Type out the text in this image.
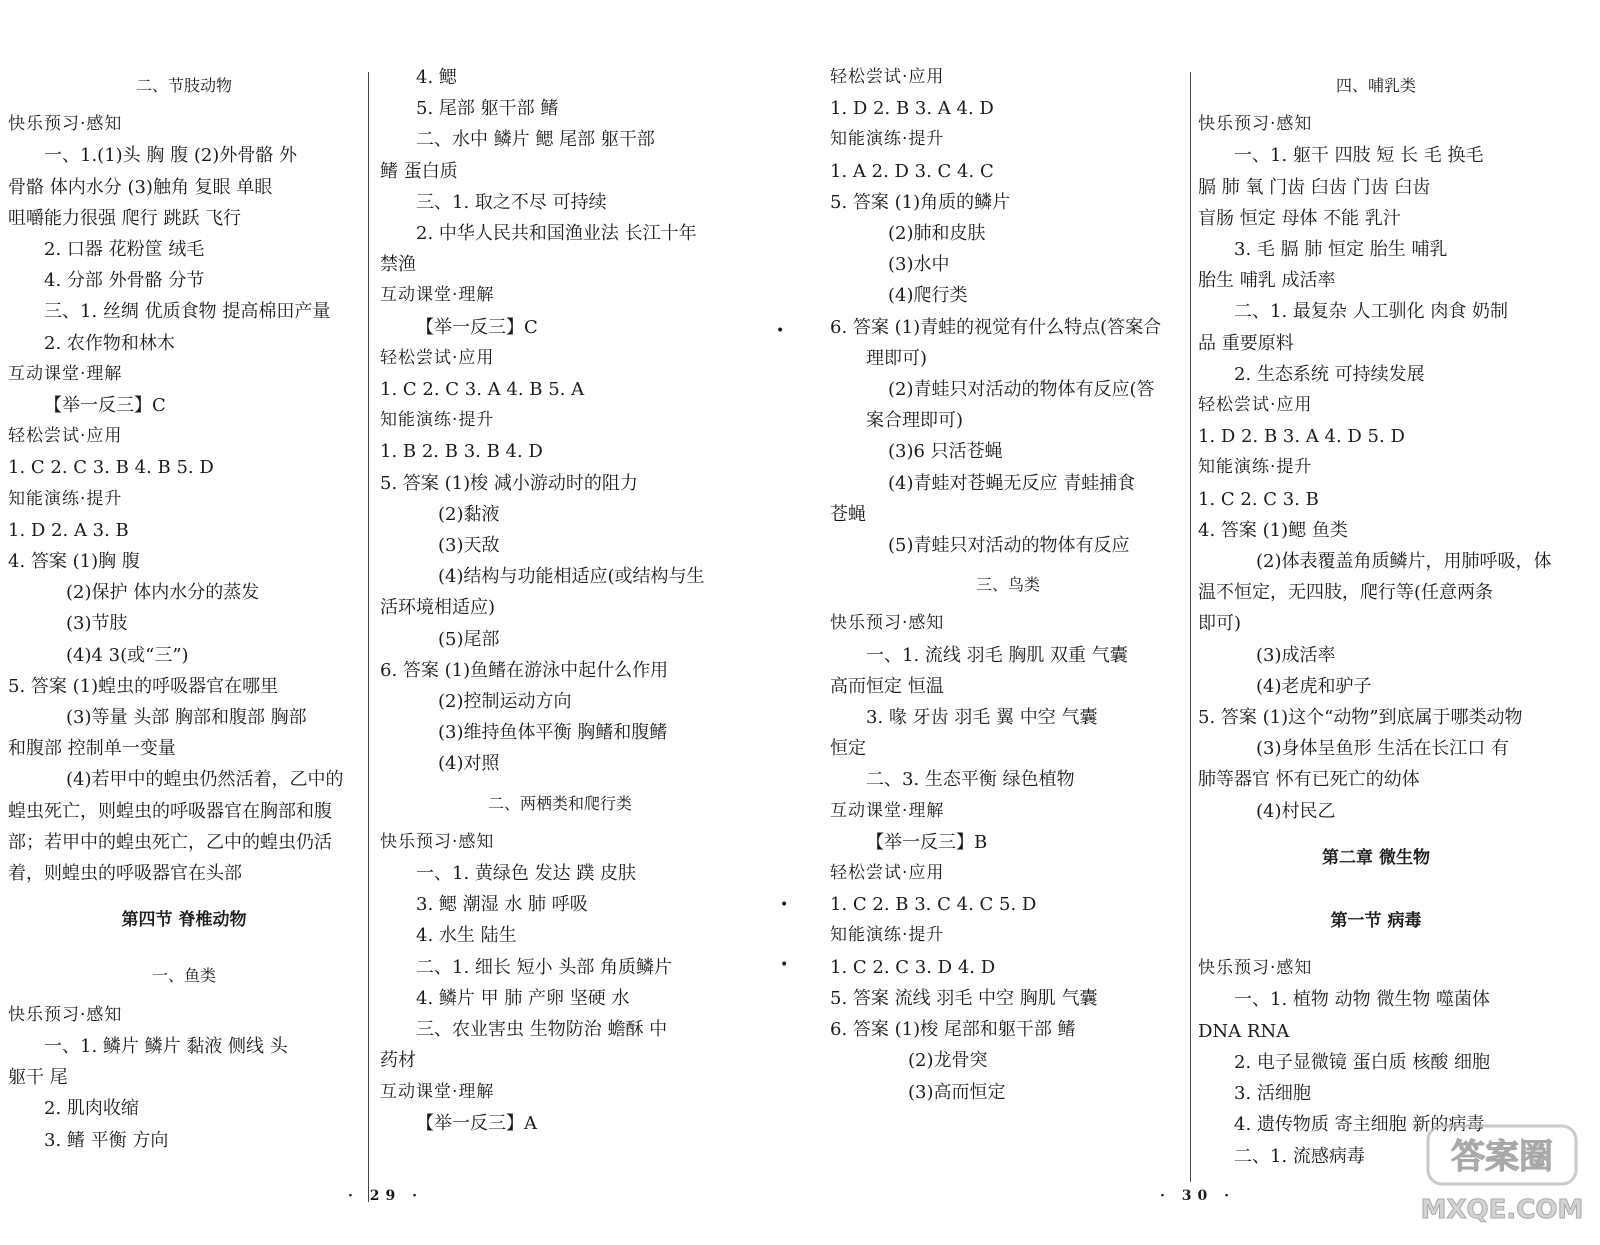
二、节肢动物
快乐预习·感知
一、1.(1)头 胸 腹 (2)外骨骼 外
骨骼 体内水分 (3)触角 复眼 单眼
咀嚼能力很强 爬行 跳跃 飞行
2. 口器 花粉筐 绒毛
4. 分部 外骨骼 分节
三、1. 丝绸 优质食物 提高棉田产量
2. 农作物和林木
互动课堂·理解
【举一反三】C
轻松尝试·应用
1. C 2. C 3. B 4. B 5. D
知能演练·提升
1. D 2. A 3. B
4. 答案 (1)胸 腹
(2)保护 体内水分的蒸发
(3)节肢
(4)4 3(或“三”)
5. 答案 (1)蝗虫的呼吸器官在哪里
(3)等量 头部 胸部和腹部 胸部
和腹部 控制单一变量
(4)若甲中的蝗虫仍然活着，乙中的
蝗虫死亡，则蝗虫的呼吸器官在胸部和腹
部；若甲中的蝗虫死亡，乙中的蝗虫仍活
着，则蝗虫的呼吸器官在头部
第四节 脊椎动物
一、鱼类
快乐预习·感知
一、1. 鳞片 鳞片 黏液 侧线 头
躯干 尾
2. 肌肉收缩
3. 鳍 平衡 方向
4. 鳃
5. 尾部 躯干部 鳍
二、水中 鳞片 鳃 尾部 躯干部
鳍 蛋白质
三、1. 取之不尽 可持续
2. 中华人民共和国渔业法 长江十年
禁渔
互动课堂·理解
【举一反三】C
轻松尝试·应用
1. C 2. C 3. A 4. B 5. A
知能演练·提升
1. B 2. B 3. B 4. D
5. 答案 (1)梭 减小游动时的阻力
(2)黏液
(3)天敌
(4)结构与功能相适应(或结构与生
活环境相适应)
(5)尾部
6. 答案 (1)鱼鳍在游泳中起什么作用
(2)控制运动方向
(3)维持鱼体平衡 胸鳍和腹鳍
(4)对照
二、两栖类和爬行类
快乐预习·感知
一、1. 黄绿色 发达 蹼 皮肤
3. 鳃 潮湿 水 肺 呼吸
4. 水生 陆生
二、1. 细长 短小 头部 角质鳞片
4. 鳞片 甲 肺 产卵 坚硬 水
三、农业害虫 生物防治 蟾酥 中
药材
互动课堂·理解
【举一反三】A
轻松尝试·应用
1. D 2. B 3. A 4. D
知能演练·提升
1. A 2. D 3. C 4. C
5. 答案 (1)角质的鳞片
(2)肺和皮肤
(3)水中
(4)爬行类
6. 答案 (1)青蛙的视觉有什么特点(答案合
理即可)
(2)青蛙只对活动的物体有反应(答
案合理即可)
(3)6 只活苍蝇
(4)青蛙对苍蝇无反应 青蛙捕食
苍蝇
(5)青蛙只对活动的物体有反应
三、鸟类
快乐预习·感知
一、1. 流线 羽毛 胸肌 双重 气囊
高而恒定 恒温
3. 喙 牙齿 羽毛 翼 中空 气囊
恒定
二、3. 生态平衡 绿色植物
互动课堂·理解
【举一反三】B
轻松尝试·应用
1. C 2. B 3. C 4. C 5. D
知能演练·提升
1. C 2. C 3. D 4. D
5. 答案 流线 羽毛 中空 胸肌 气囊
6. 答案 (1)梭 尾部和躯干部 鳍
(2)龙骨突
(3)高而恒定
四、哺乳类
快乐预习·感知
一、1. 躯干 四肢 短 长 毛 换毛
膈 肺 氧 门齿 臼齿 门齿 臼齿
盲肠 恒定 母体 不能 乳汁
3. 毛 膈 肺 恒定 胎生 哺乳
胎生 哺乳 成活率
二、1. 最复杂 人工驯化 肉食 奶制
品 重要原料
2. 生态系统 可持续发展
轻松尝试·应用
1. D 2. B 3. A 4. D 5. D
知能演练·提升
1. C 2. C 3. B
4. 答案 (1)鳃 鱼类
(2)体表覆盖角质鳞片，用肺呼吸，体
温不恒定，无四肢，爬行等(任意两条
即可)
(3)成活率
(4)老虎和驴子
5. 答案 (1)这个“动物”到底属于哪类动物
(3)身体呈鱼形 生活在长江口 有
肺等器官 怀有已死亡的幼体
(4)村民乙
第二章 微生物
第一节 病毒
快乐预习·感知
一、1. 植物 动物 微生物 噬菌体
DNA RNA
2. 电子显微镜 蛋白质 核酸 细胞
3. 活细胞
4. 遗传物质 寄主细胞 新的病毒
二、1. 流感病毒
· 29 ·	· 30 ·
•
•
•
答案圈
MXQE.COM
